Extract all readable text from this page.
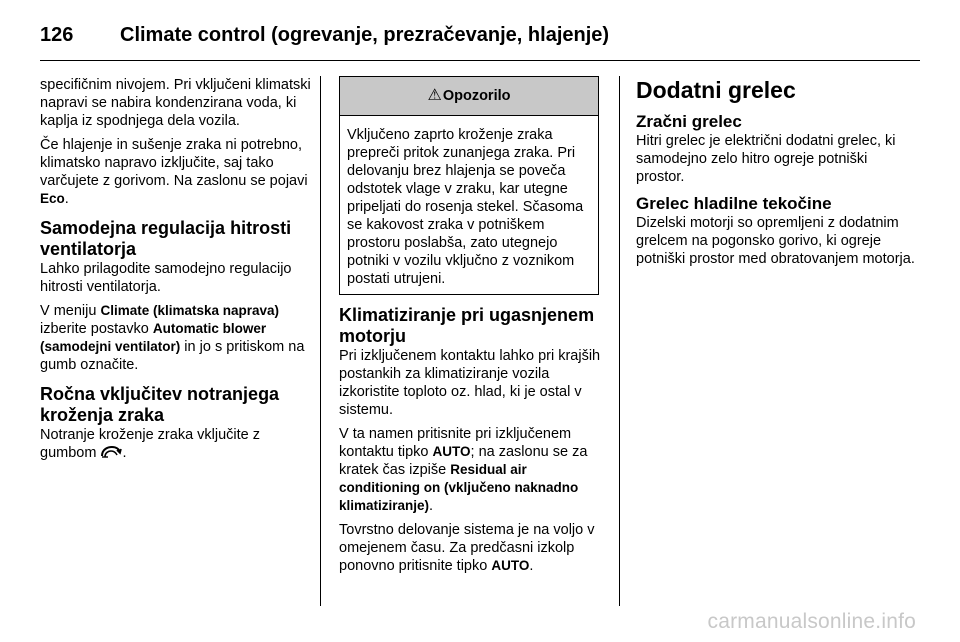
126 Climate control (ogrevanje, prezračevanje, hlajenje)

specifičnim nivojem. Pri vključeni klimatski napravi se nabira kondenzirana voda, ki kaplja iz spodnjega dela vozila.

Če hlajenje in sušenje zraka ni potrebno, klimatsko napravo izključite, saj tako varčujete z gorivom. Na zaslonu se pojavi Eco.

Samodejna regulacija hitrosti ventilatorja

Lahko prilagodite samodejno regulacijo hitrosti ventilatorja.

V meniju Climate (klimatska naprava) izberite postavko Automatic blower (samodejni ventilator) in jo s pritiskom na gumb označite.

Ročna vključitev notranjega kroženja zraka

Notranje kroženje zraka vključite z gumbom .

⚠Opozorilo
Vključeno zaprto kroženje zraka prepreči pritok zunanjega zraka. Pri delovanju brez hlajenja se poveča odstotek vlage v zraku, kar utegne pripeljati do rosenja stekel. Sčasoma se kakovost zraka v potniškem prostoru poslabša, zato utegnejo potniki v vozilu vključno z voznikom postati utrujeni.
Klimatiziranje pri ugasnjenem motorju

Pri izključenem kontaktu lahko pri krajših postankih za klimatiziranje vozila izkoristite toploto oz. hlad, ki je ostal v sistemu.

V ta namen pritisnite pri izključenem kontaktu tipko AUTO; na zaslonu se za kratek čas izpiše Residual air conditioning on (vključeno naknadno klimatiziranje).

Tovrstno delovanje sistema je na voljo v omejenem času. Za predčasni izkolp ponovno pritisnite tipko AUTO.

Dodatni grelec
Zračni grelec

Hitri grelec je električni dodatni grelec, ki samodejno zelo hitro ogreje potniški prostor.

Grelec hladilne tekočine

Dizelski motorji so opremljeni z dodatnim grelcem na pogonsko gorivo, ki ogreje potniški prostor med obratovanjem motorja.

carmanualsonline.info
